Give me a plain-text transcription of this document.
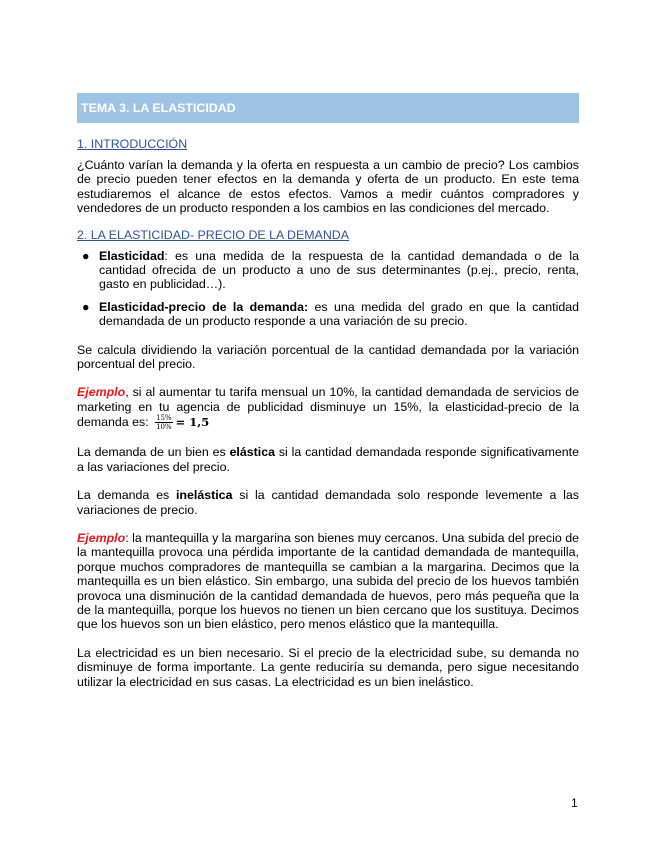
TEMA 3. LA ELASTICIDAD
1. INTRODUCCIÓN

¿Cuánto varían la demanda y la oferta en respuesta a un cambio de precio? Los cambios de precio pueden tener efectos en la demanda y oferta de un producto. En este tema estudiaremos el alcance de estos efectos. Vamos a medir cuántos compradores y vendedores de un producto responden a los cambios en las condiciones del mercado.

2. LA ELASTICIDAD- PRECIO DE LA DEMANDA
● Elasticidad: es una medida de la respuesta de la cantidad demandada o de la cantidad ofrecida de un producto a uno de sus determinantes (p.ej., precio, renta, gasto en publicidad…).
● Elasticidad-precio de la demanda: es una medida del grado en que la cantidad demandada de un producto responde a una variación de su precio.

Se calcula dividiendo la variación porcentual de la cantidad demandada por la variación porcentual del precio.

Ejemplo, si al aumentar tu tarifa mensual un 10%, la cantidad demandada de servicios de marketing en tu agencia de publicidad disminuye un 15%, la elasticidad-precio de la demanda es: $\frac{15\%}{10\%} = 1,5$

La demanda de un bien es elástica si la cantidad demandada responde significativamente a las variaciones del precio.

La demanda es inelástica si la cantidad demandada solo responde levemente a las variaciones de precio.

Ejemplo: la mantequilla y la margarina son bienes muy cercanos. Una subida del precio de la mantequilla provoca una pérdida importante de la cantidad demandada de mantequilla, porque muchos compradores de mantequilla se cambian a la margarina. Decimos que la mantequilla es un bien elástico. Sin embargo, una subida del precio de los huevos también provoca una disminución de la cantidad demandada de huevos, pero más pequeña que la de la mantequilla, porque los huevos no tienen un bien cercano que los sustituya. Decimos que los huevos son un bien elástico, pero menos elástico que la mantequilla.

La electricidad es un bien necesario. Si el precio de la electricidad sube, su demanda no disminuye de forma importante. La gente reduciría su demanda, pero sigue necesitando utilizar la electricidad en sus casas. La electricidad es un bien inelástico.

1
